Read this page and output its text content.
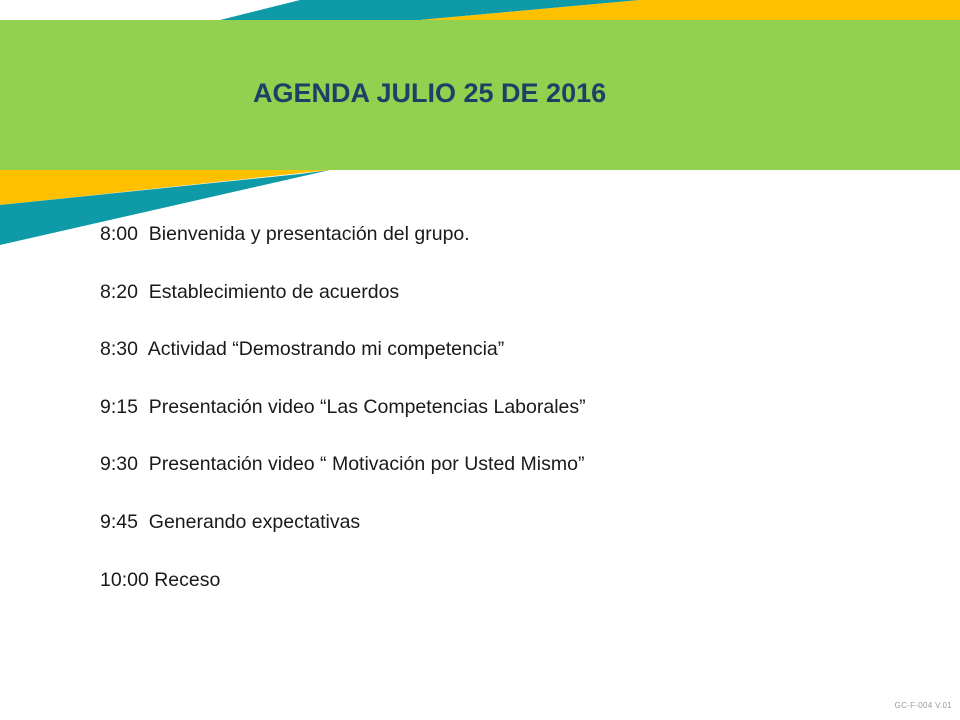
AGENDA JULIO 25 DE 2016
8:00  Bienvenida y presentación del grupo.
8:20  Establecimiento de acuerdos
8:30  Actividad “Demostrando mi competencia”
9:15  Presentación video “Las Competencias Laborales”
9:30  Presentación video “ Motivación por Usted Mismo”
9:45  Generando expectativas
10:00 Receso
GC-F-004 V.01
